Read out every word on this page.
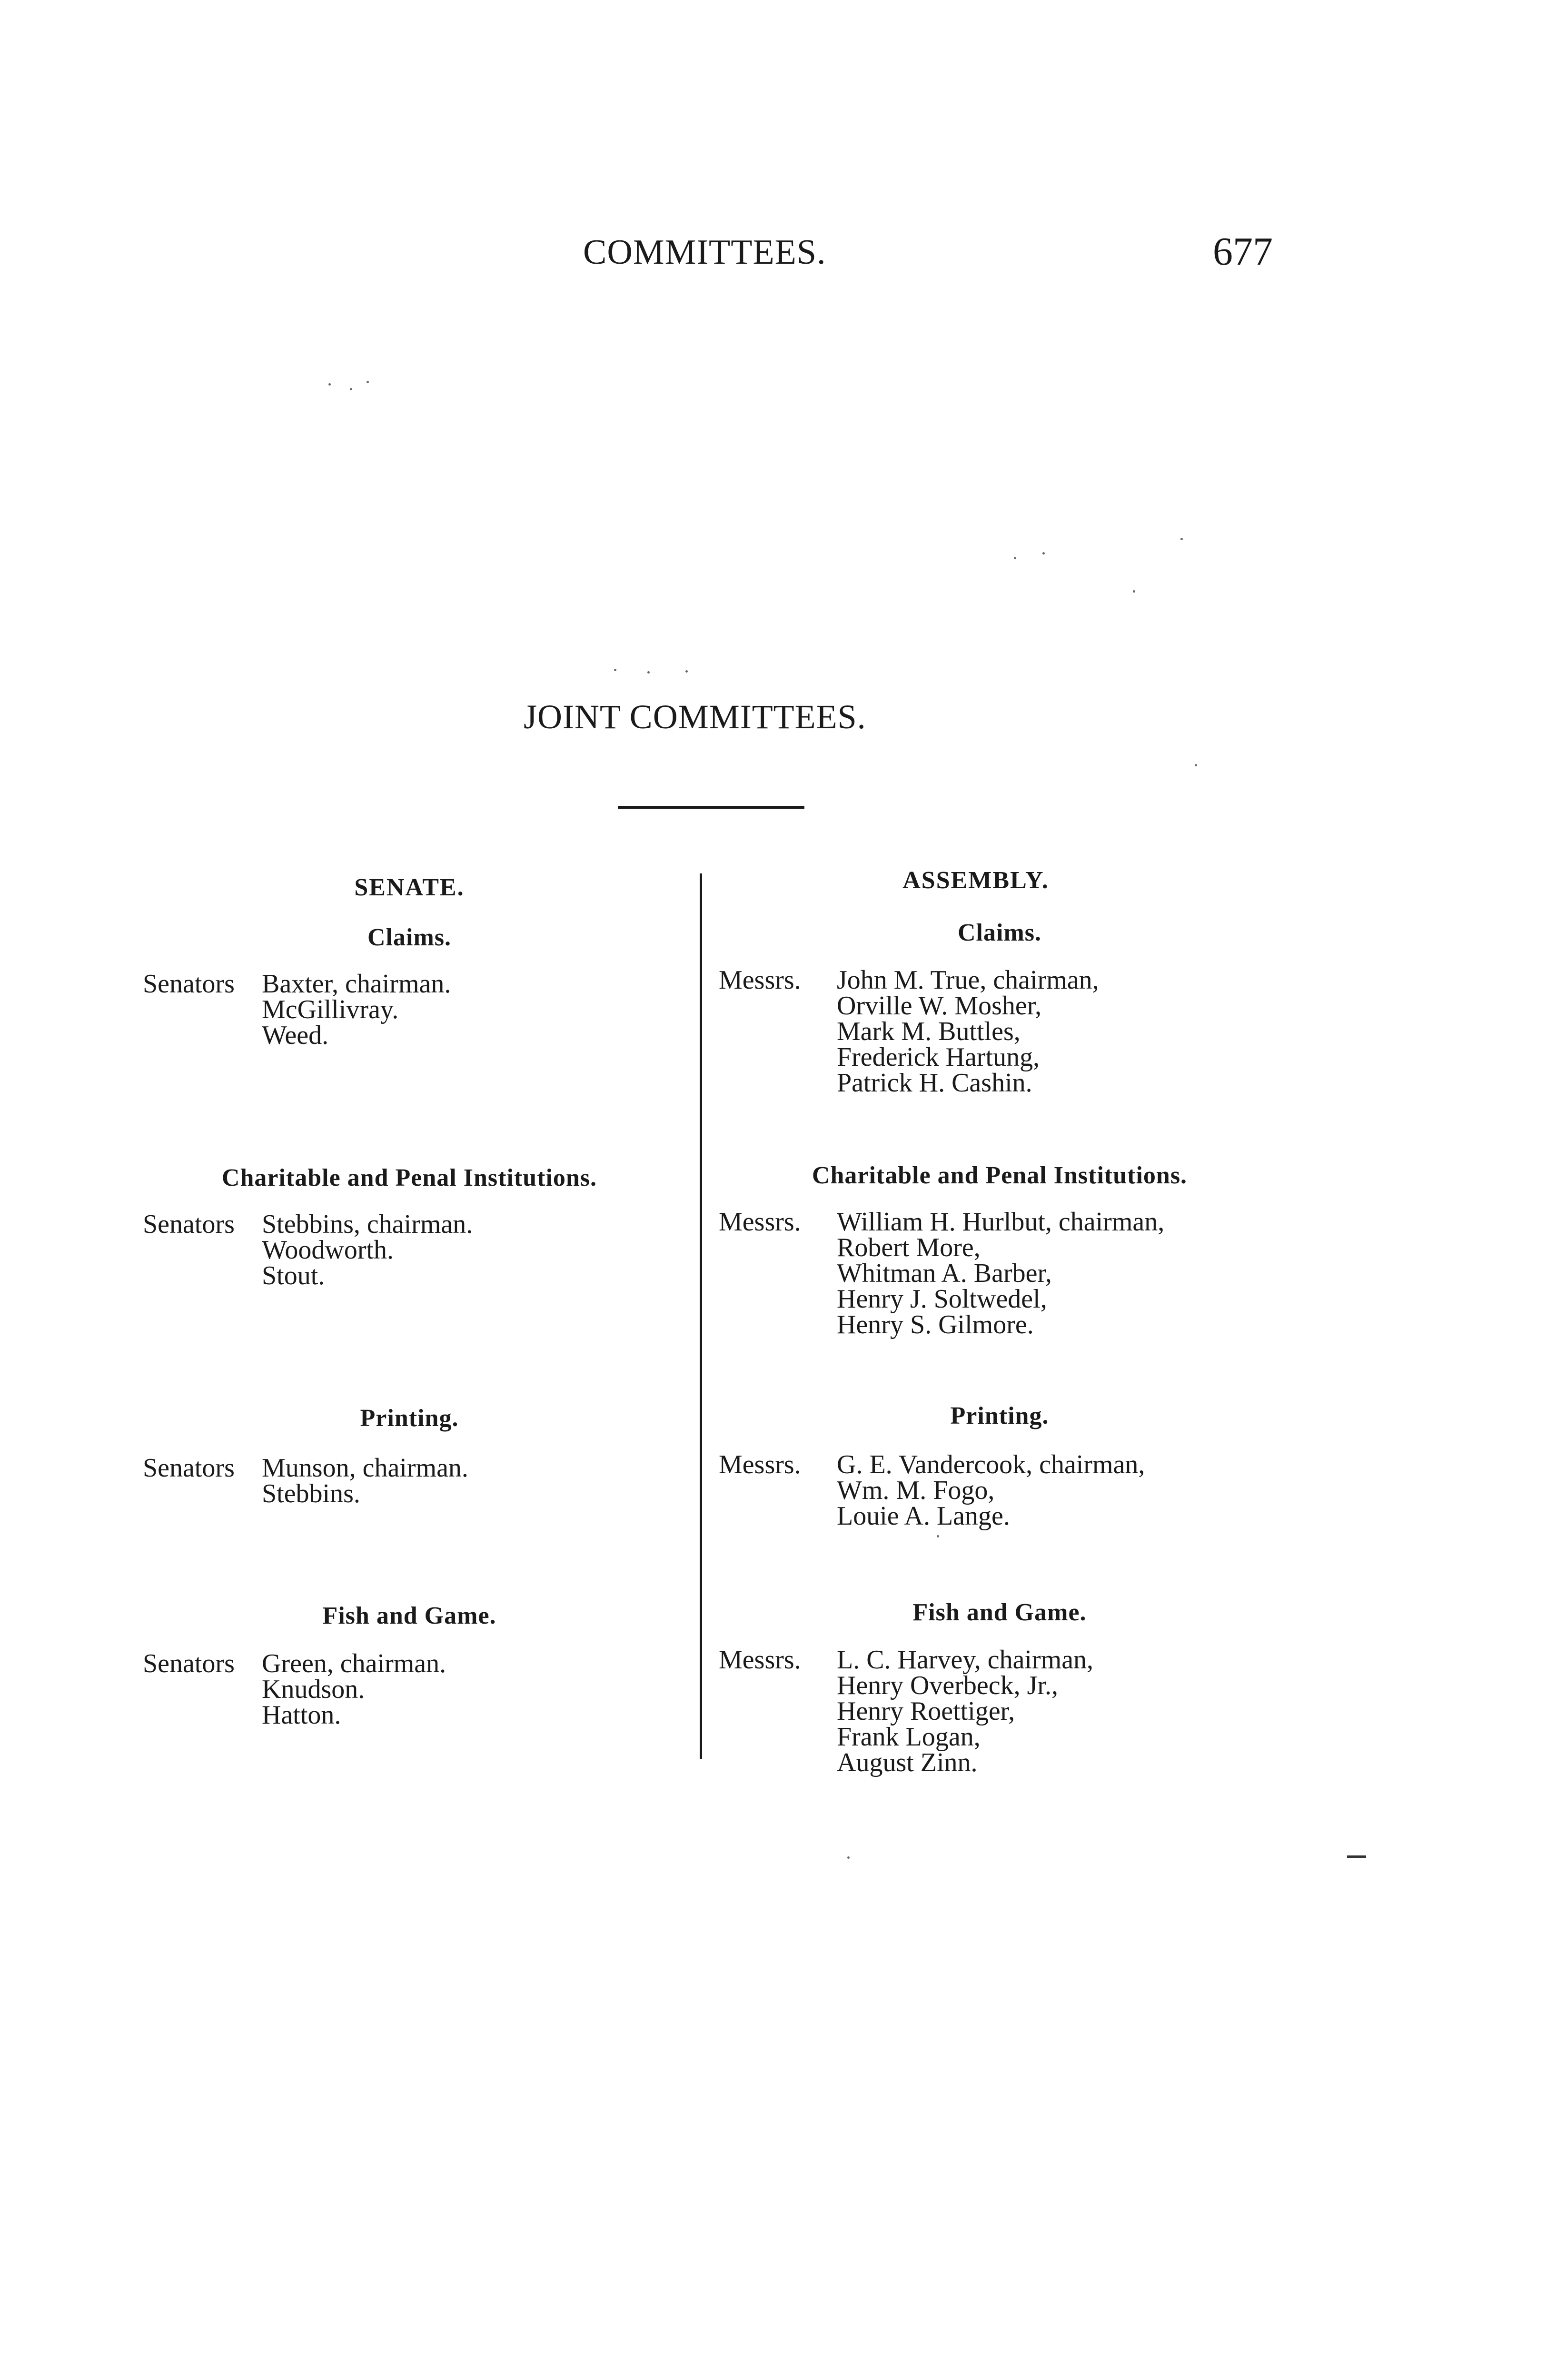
COMMITTEES.	677
JOINT COMMITTEES.
SENATE.	ASSEMBLY.
Claims.
Senators Baxter, chairman.
McGillivray.
Weed.
Claims.
Messrs. John M. True, chairman,
Orville W. Mosher,
Mark M. Buttles,
Frederick Hartung,
Patrick H. Cashin.
Charitable and Penal Institutions.
Senators Stebbins, chairman.
Woodworth.
Stout.
Charitable and Penal Institutions.
Messrs. William H. Hurlbut, chairman,
Robert More,
Whitman A. Barber,
Henry J. Soltwedel,
Henry S. Gilmore.
Printing.
Senators Munson, chairman.
Stebbins.
Printing.
Messrs. G. E. Vandercook, chairman,
Wm. M. Fogo,
Louie A. Lange.
Fish and Game.
Senators Green, chairman.
Knudson.
Hatton.
Fish and Game.
Messrs. L. C. Harvey, chairman,
Henry Overbeck, Jr.,
Henry Roettiger,
Frank Logan,
August Zinn.
